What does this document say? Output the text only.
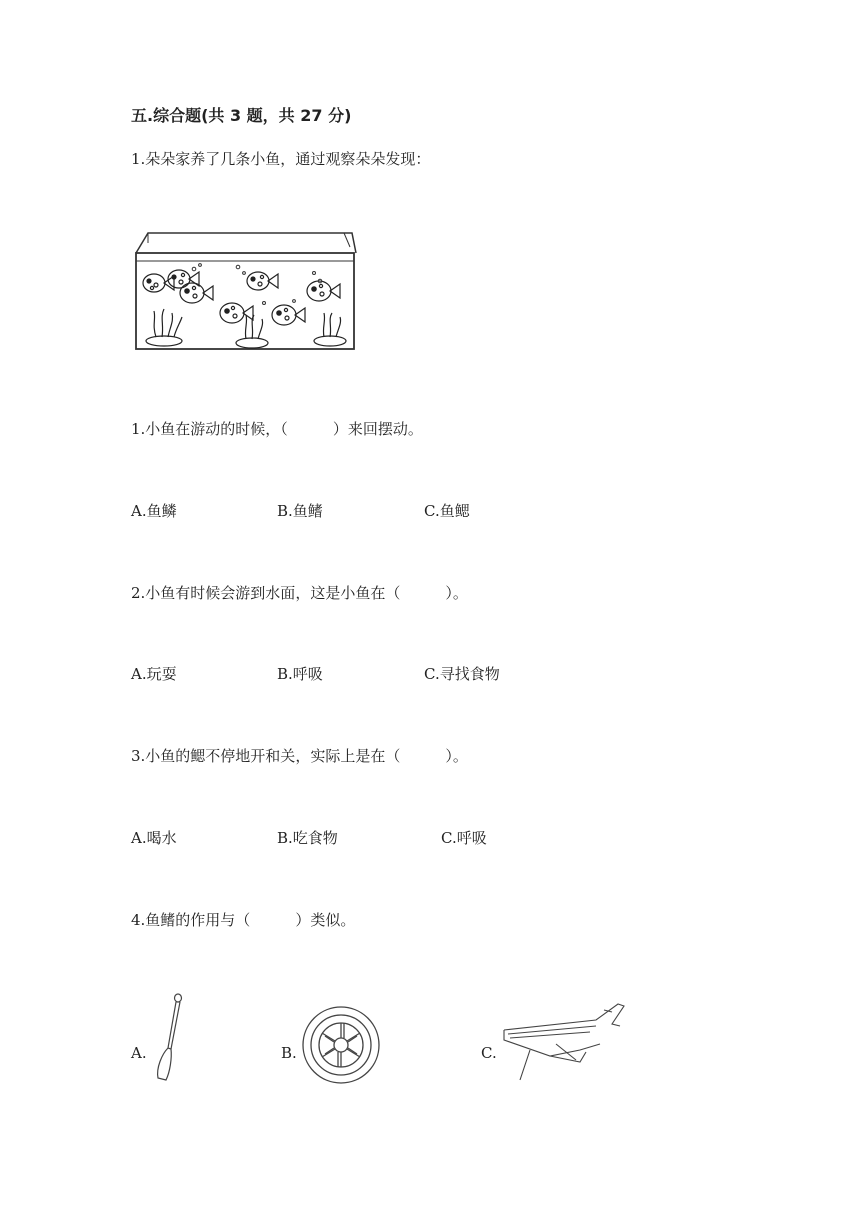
五.综合题(共 3 题，共 27 分)
1.朵朵家养了几条小鱼，通过观察朵朵发现：
1.小鱼在游动的时候，（　　　）来回摆动。
A.鱼鳞	B.鱼鳍	C.鱼鳃
2.小鱼有时候会游到水面，这是小鱼在（　　　）。
A.玩耍	B.呼吸	C.寻找食物
3.小鱼的鳃不停地开和关，实际上是在（　　　）。
A.喝水	B.吃食物	C.呼吸
4.鱼鳍的作用与（　　　）类似。
A.	B.	C.
